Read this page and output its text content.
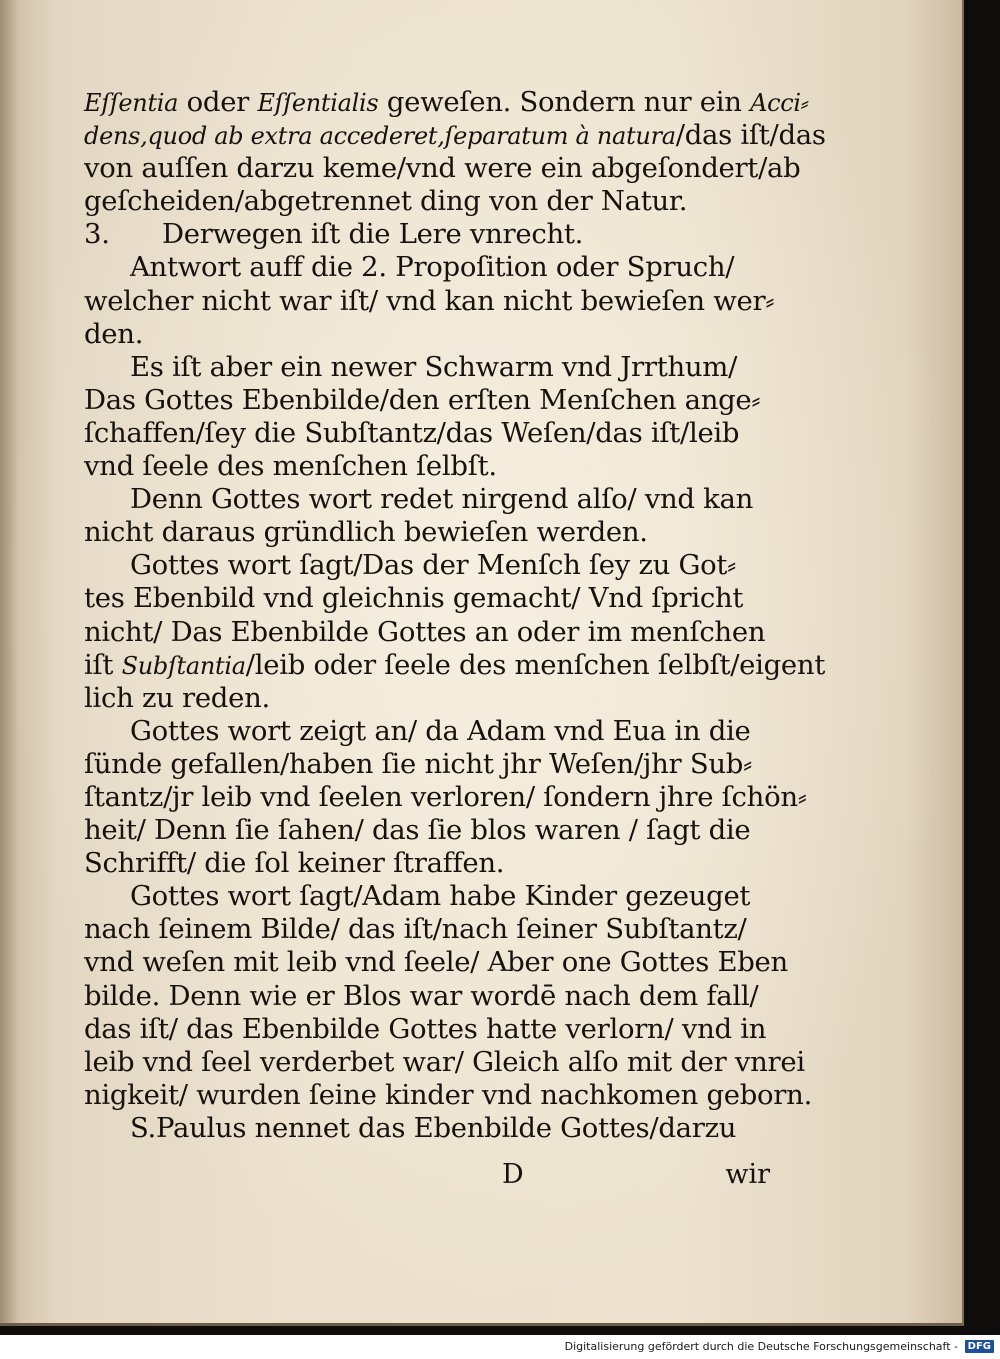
Eſſentia oder Eſſentialis geweſen. Sondern nur ein Acci⸗
dens,quod ab extra accederet,ſeparatum à natura/das iſt/das
von auſſen darzu keme/vnd were ein abgeſondert/ab
geſcheiden/abgetrennet ding von der Natur.
3. Derwegen iſt die Lere vnrecht.
Antwort auff die 2. Propoſition oder Spruch/
welcher nicht war iſt/ vnd kan nicht bewieſen wer⸗
den.
Es iſt aber ein newer Schwarm vnd Jrrthum/
Das Gottes Ebenbilde/den erſten Menſchen ange⸗
ſchaffen/ſey die Subſtantz/das Weſen/das iſt/leib
vnd ſeele des menſchen ſelbſt.
Denn Gottes wort redet nirgend alſo/ vnd kan
nicht daraus gründlich bewieſen werden.
Gottes wort ſagt/Das der Menſch ſey zu Got⸗
tes Ebenbild vnd gleichnis gemacht/ Vnd ſpricht
nicht/ Das Ebenbilde Gottes an oder im menſchen
iſt Subſtantia/leib oder ſeele des menſchen ſelbſt/eigent
lich zu reden.
Gottes wort zeigt an/ da Adam vnd Eua in die
ſünde gefallen/haben ſie nicht jhr Weſen/jhr Sub⸗
ſtantz/jr leib vnd ſeelen verloren/ ſondern jhre ſchön⸗
heit/ Denn ſie ſahen/ das ſie blos waren / ſagt die
Schrifft/ die ſol keiner ſtraffen.
Gottes wort ſagt/Adam habe Kinder gezeuget
nach ſeinem Bilde/ das iſt/nach ſeiner Subſtantz/
vnd weſen mit leib vnd ſeele/ Aber one Gottes Eben
bilde. Denn wie er Blos war wordē nach dem fall/
das iſt/ das Ebenbilde Gottes hatte verlorn/ vnd in
leib vnd ſeel verderbet war/ Gleich alſo mit der vnrei
nigkeit/ wurden ſeine kinder vnd nachkomen geborn.
S.Paulus nennet das Ebenbilde Gottes/darzu
D	wir
Digitalisierung gefördert durch die Deutsche Forschungsgemeinschaft - DFG
